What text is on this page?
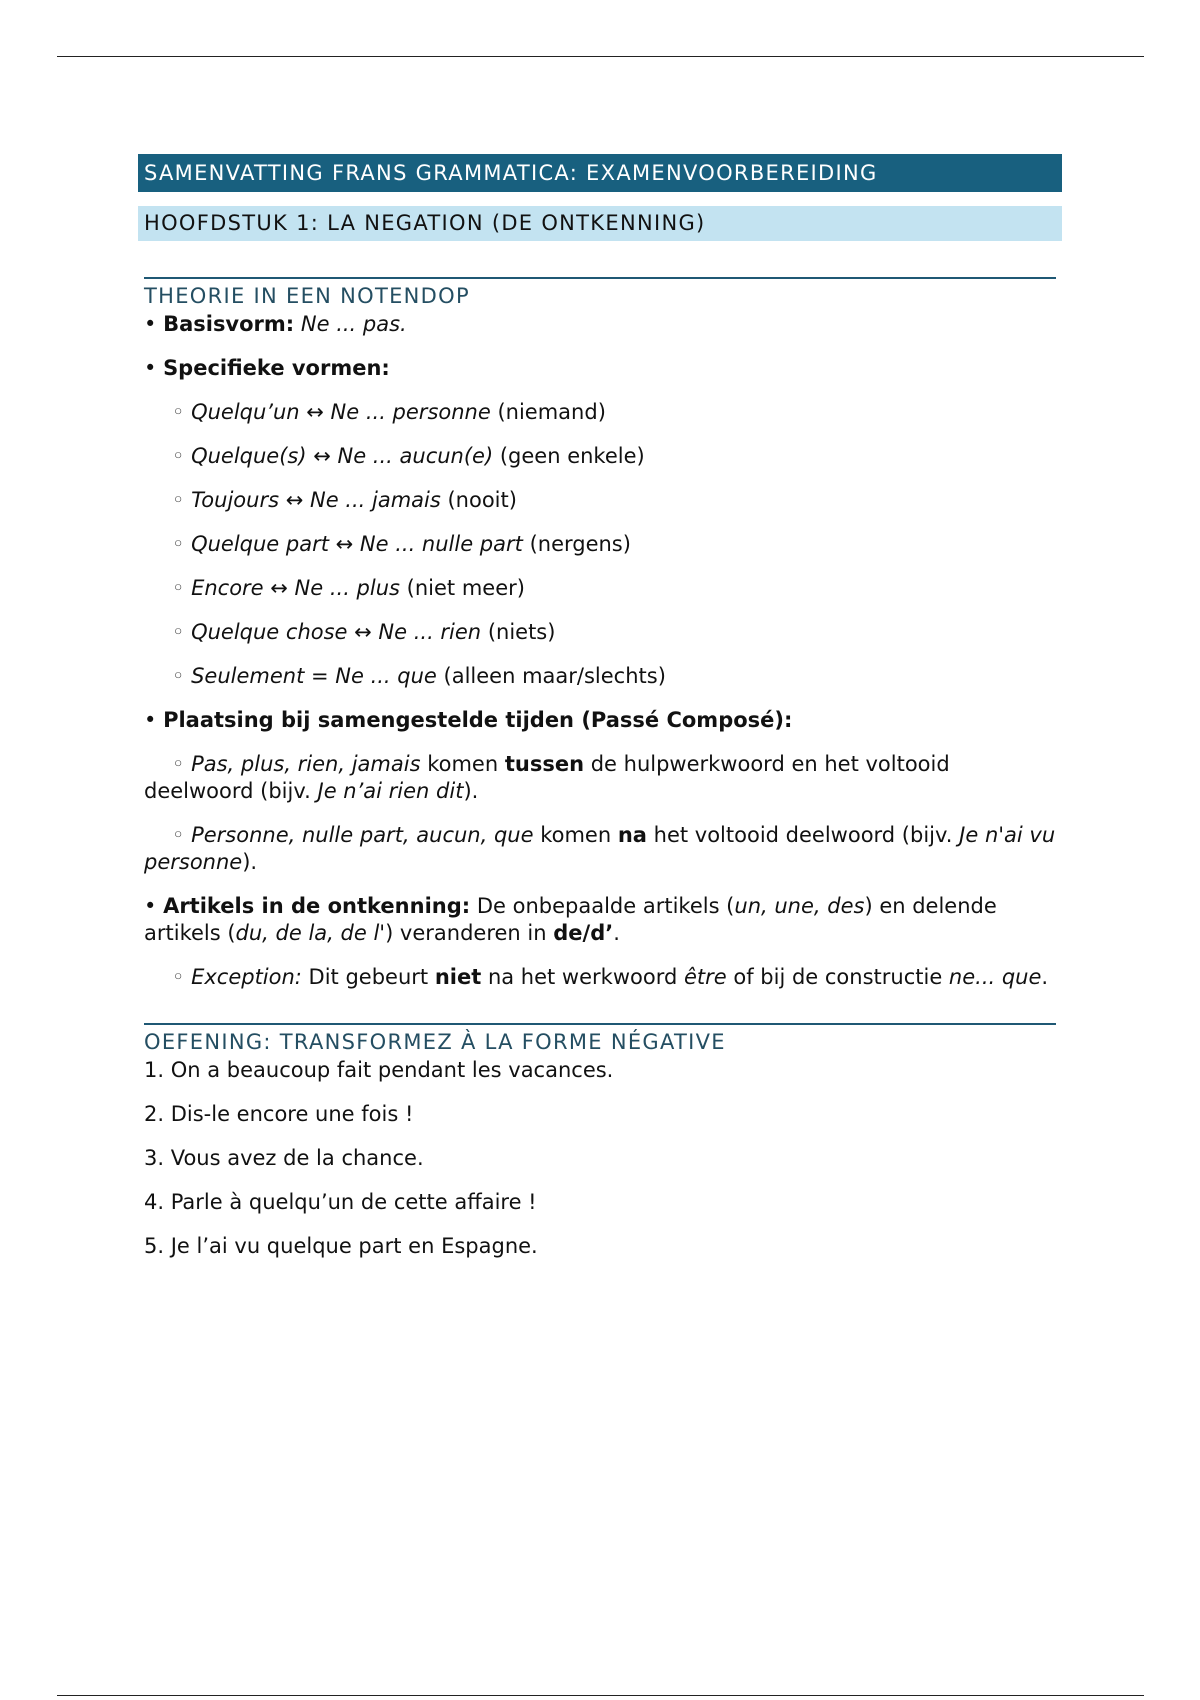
SAMENVATTING FRANS GRAMMATICA: EXAMENVOORBEREIDING
HOOFDSTUK 1: LA NEGATION (DE ONTKENNING)
THEORIE IN EEN NOTENDOP
• Basisvorm: Ne ... pas.
• Specifieke vormen:
◦ Quelqu’un ↔ Ne ... personne (niemand)
◦ Quelque(s) ↔ Ne ... aucun(e) (geen enkele)
◦ Toujours ↔ Ne ... jamais (nooit)
◦ Quelque part ↔ Ne ... nulle part (nergens)
◦ Encore ↔ Ne ... plus (niet meer)
◦ Quelque chose ↔ Ne ... rien (niets)
◦ Seulement = Ne ... que (alleen maar/slechts)
• Plaatsing bij samengestelde tijden (Passé Composé):
◦ Pas, plus, rien, jamais komen tussen de hulpwerkwoord en het voltooid deelwoord (bijv. Je n’ai rien dit).
◦ Personne, nulle part, aucun, que komen na het voltooid deelwoord (bijv. Je n'ai vu personne).
• Artikels in de ontkenning: De onbepaalde artikels (un, une, des) en delende artikels (du, de la, de l') veranderen in de/d’.
◦ Exception: Dit gebeurt niet na het werkwoord être of bij de constructie ne... que.
OEFENING: TRANSFORMEZ À LA FORME NÉGATIVE
1. On a beaucoup fait pendant les vacances.
2. Dis-le encore une fois !
3. Vous avez de la chance.
4. Parle à quelqu’un de cette affaire !
5. Je l’ai vu quelque part en Espagne.
